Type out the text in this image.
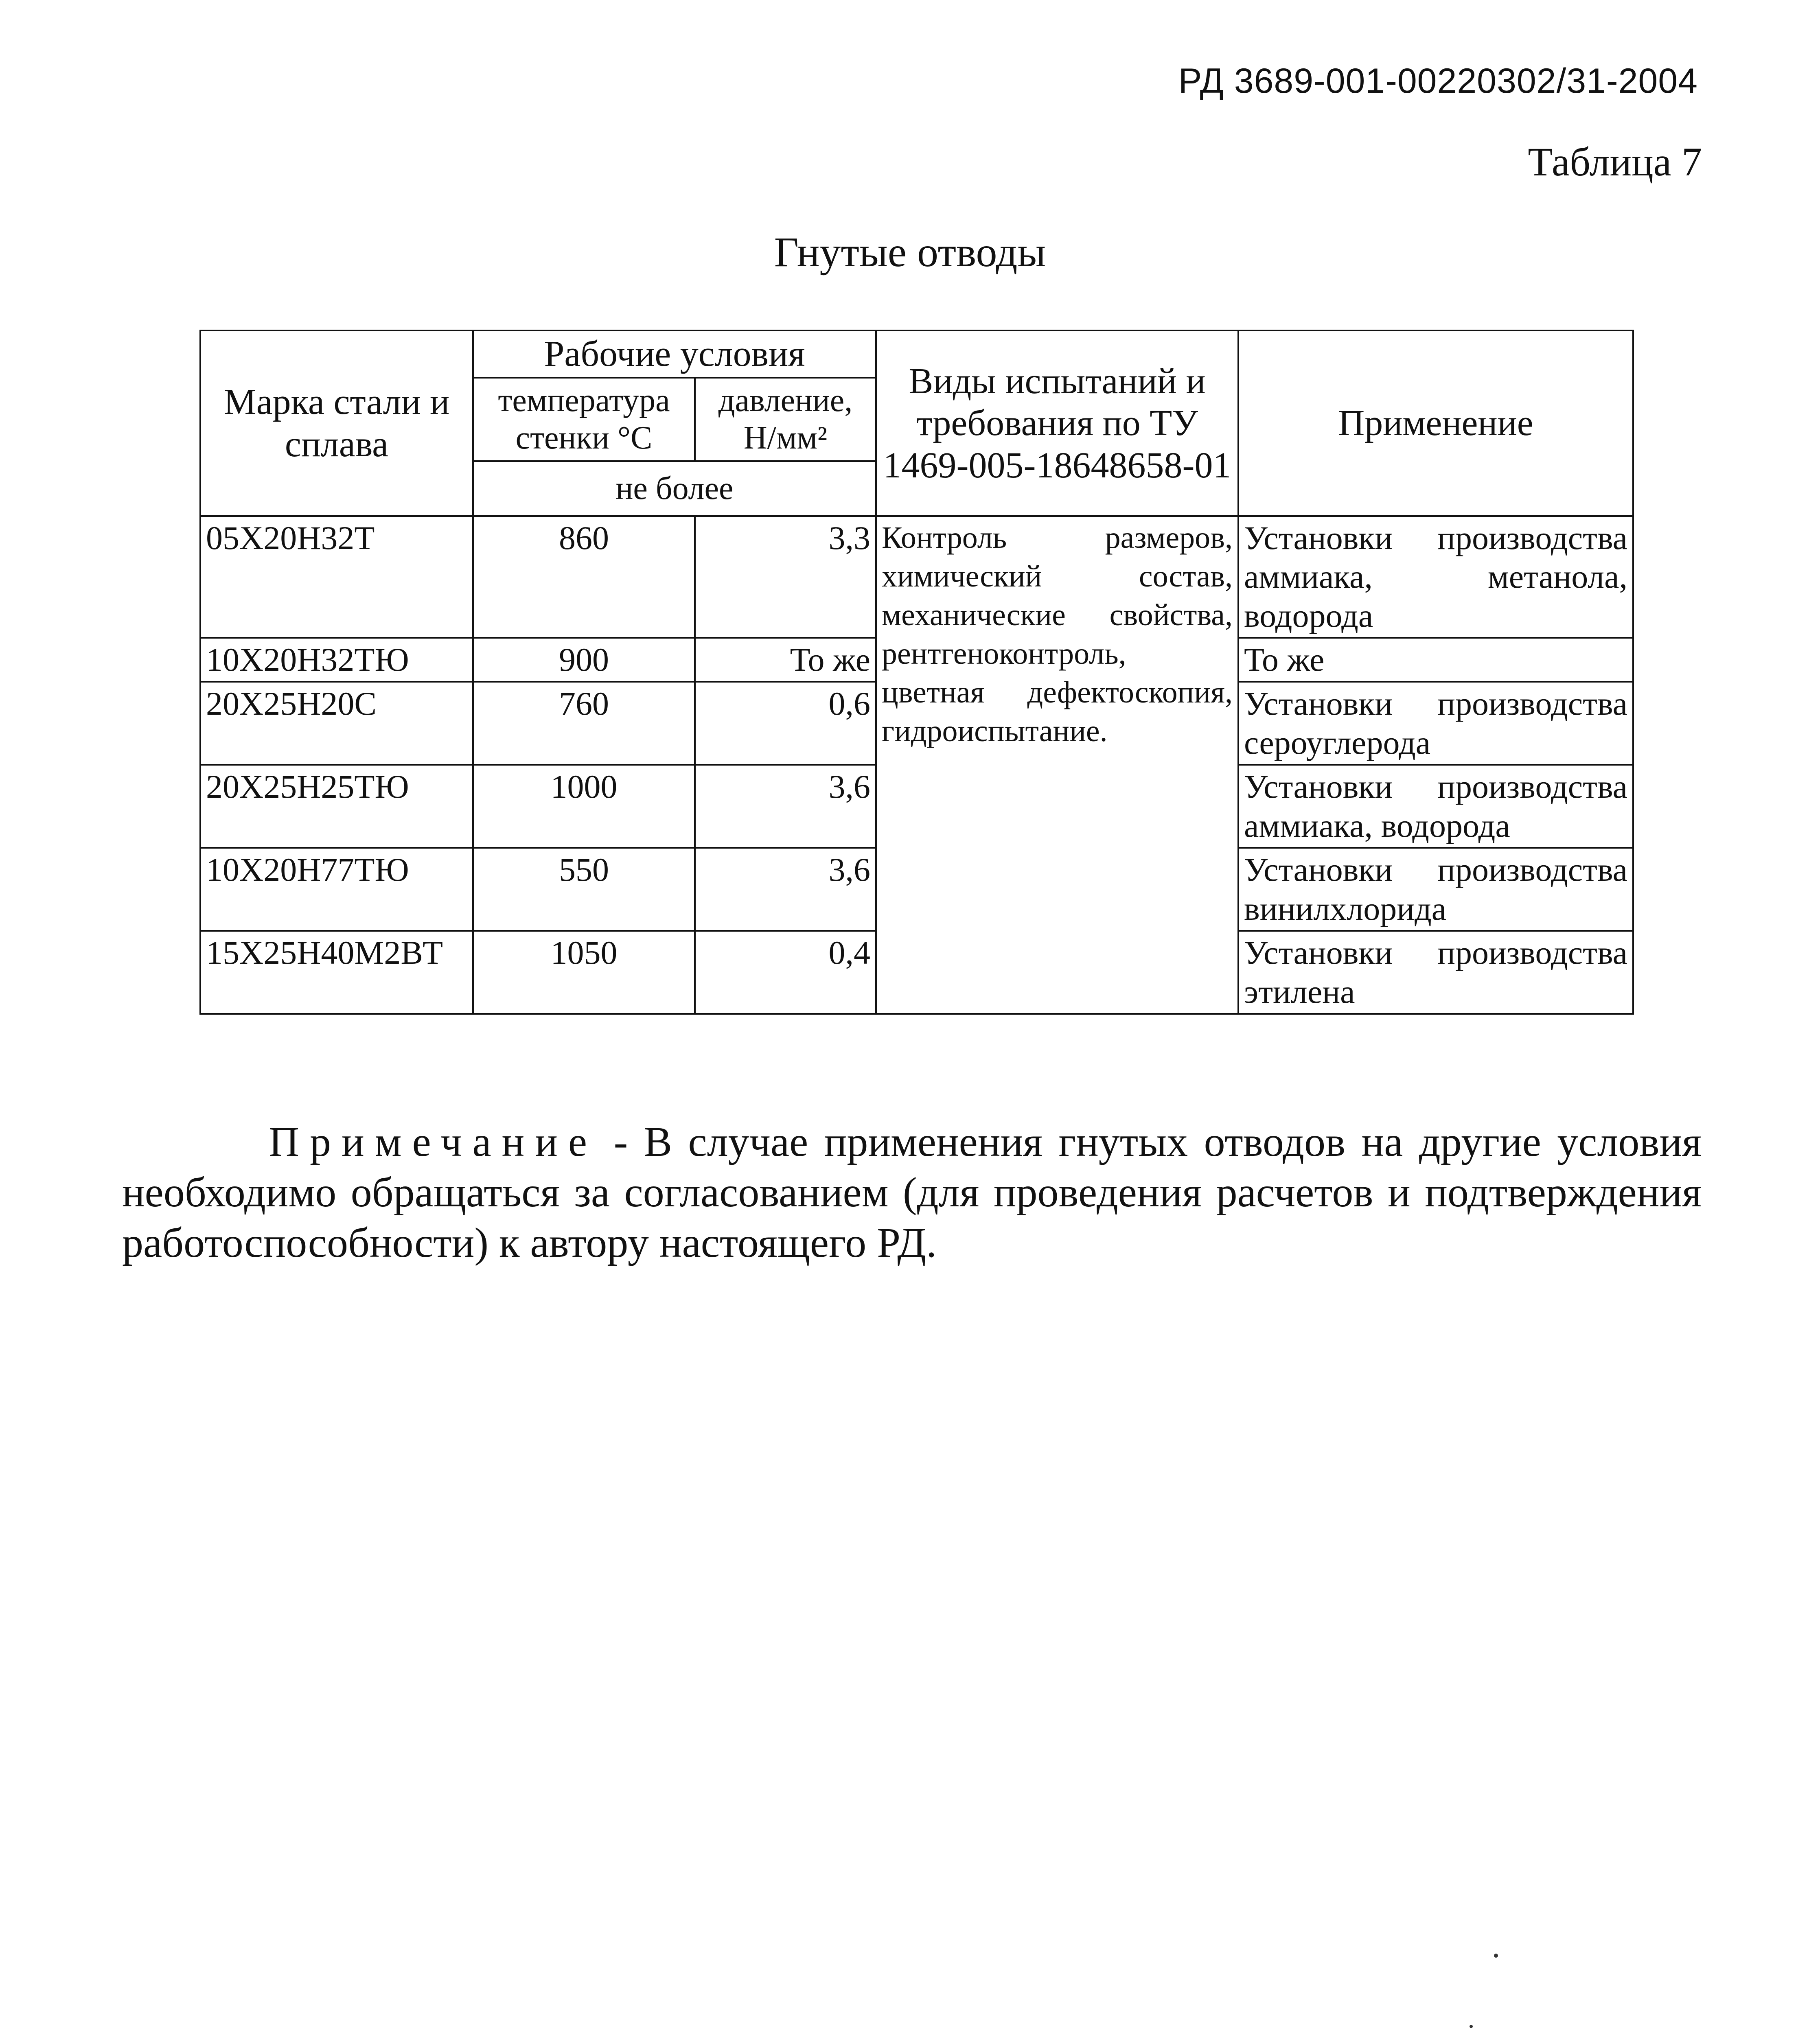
РД 3689-001-00220302/31-2004
Таблица 7
Гнутые отводы
Марка стали и сплава	Рабочие условия		Виды испытаний и требования по ТУ 1469-005-18648658-01	Применение
	температура стенки °С	давление, Н/мм²		
	не более			
05Х20Н32Т	860	3,3	Контроль размеров, химический состав, механические свойства, рентгеноконтроль, цветная дефектоскопия, гидроиспытание.	Установки производства аммиака, метанола, водорода
10Х20Н32ТЮ	900	То же		То же
20Х25Н20С	760	0,6		Установки производства сероуглерода
20Х25Н25ТЮ	1000	3,6		Установки производства аммиака, водорода
10Х20Н77ТЮ	550	3,6		Установки производства винилхлорида
15Х25Н40М2ВТ	1050	0,4		Установки производства этилена

Примечание - В случае применения гнутых отводов на другие условия необходимо обращаться за согласованием (для проведения расчетов и подтверждения работоспособности) к автору настоящего РД.
